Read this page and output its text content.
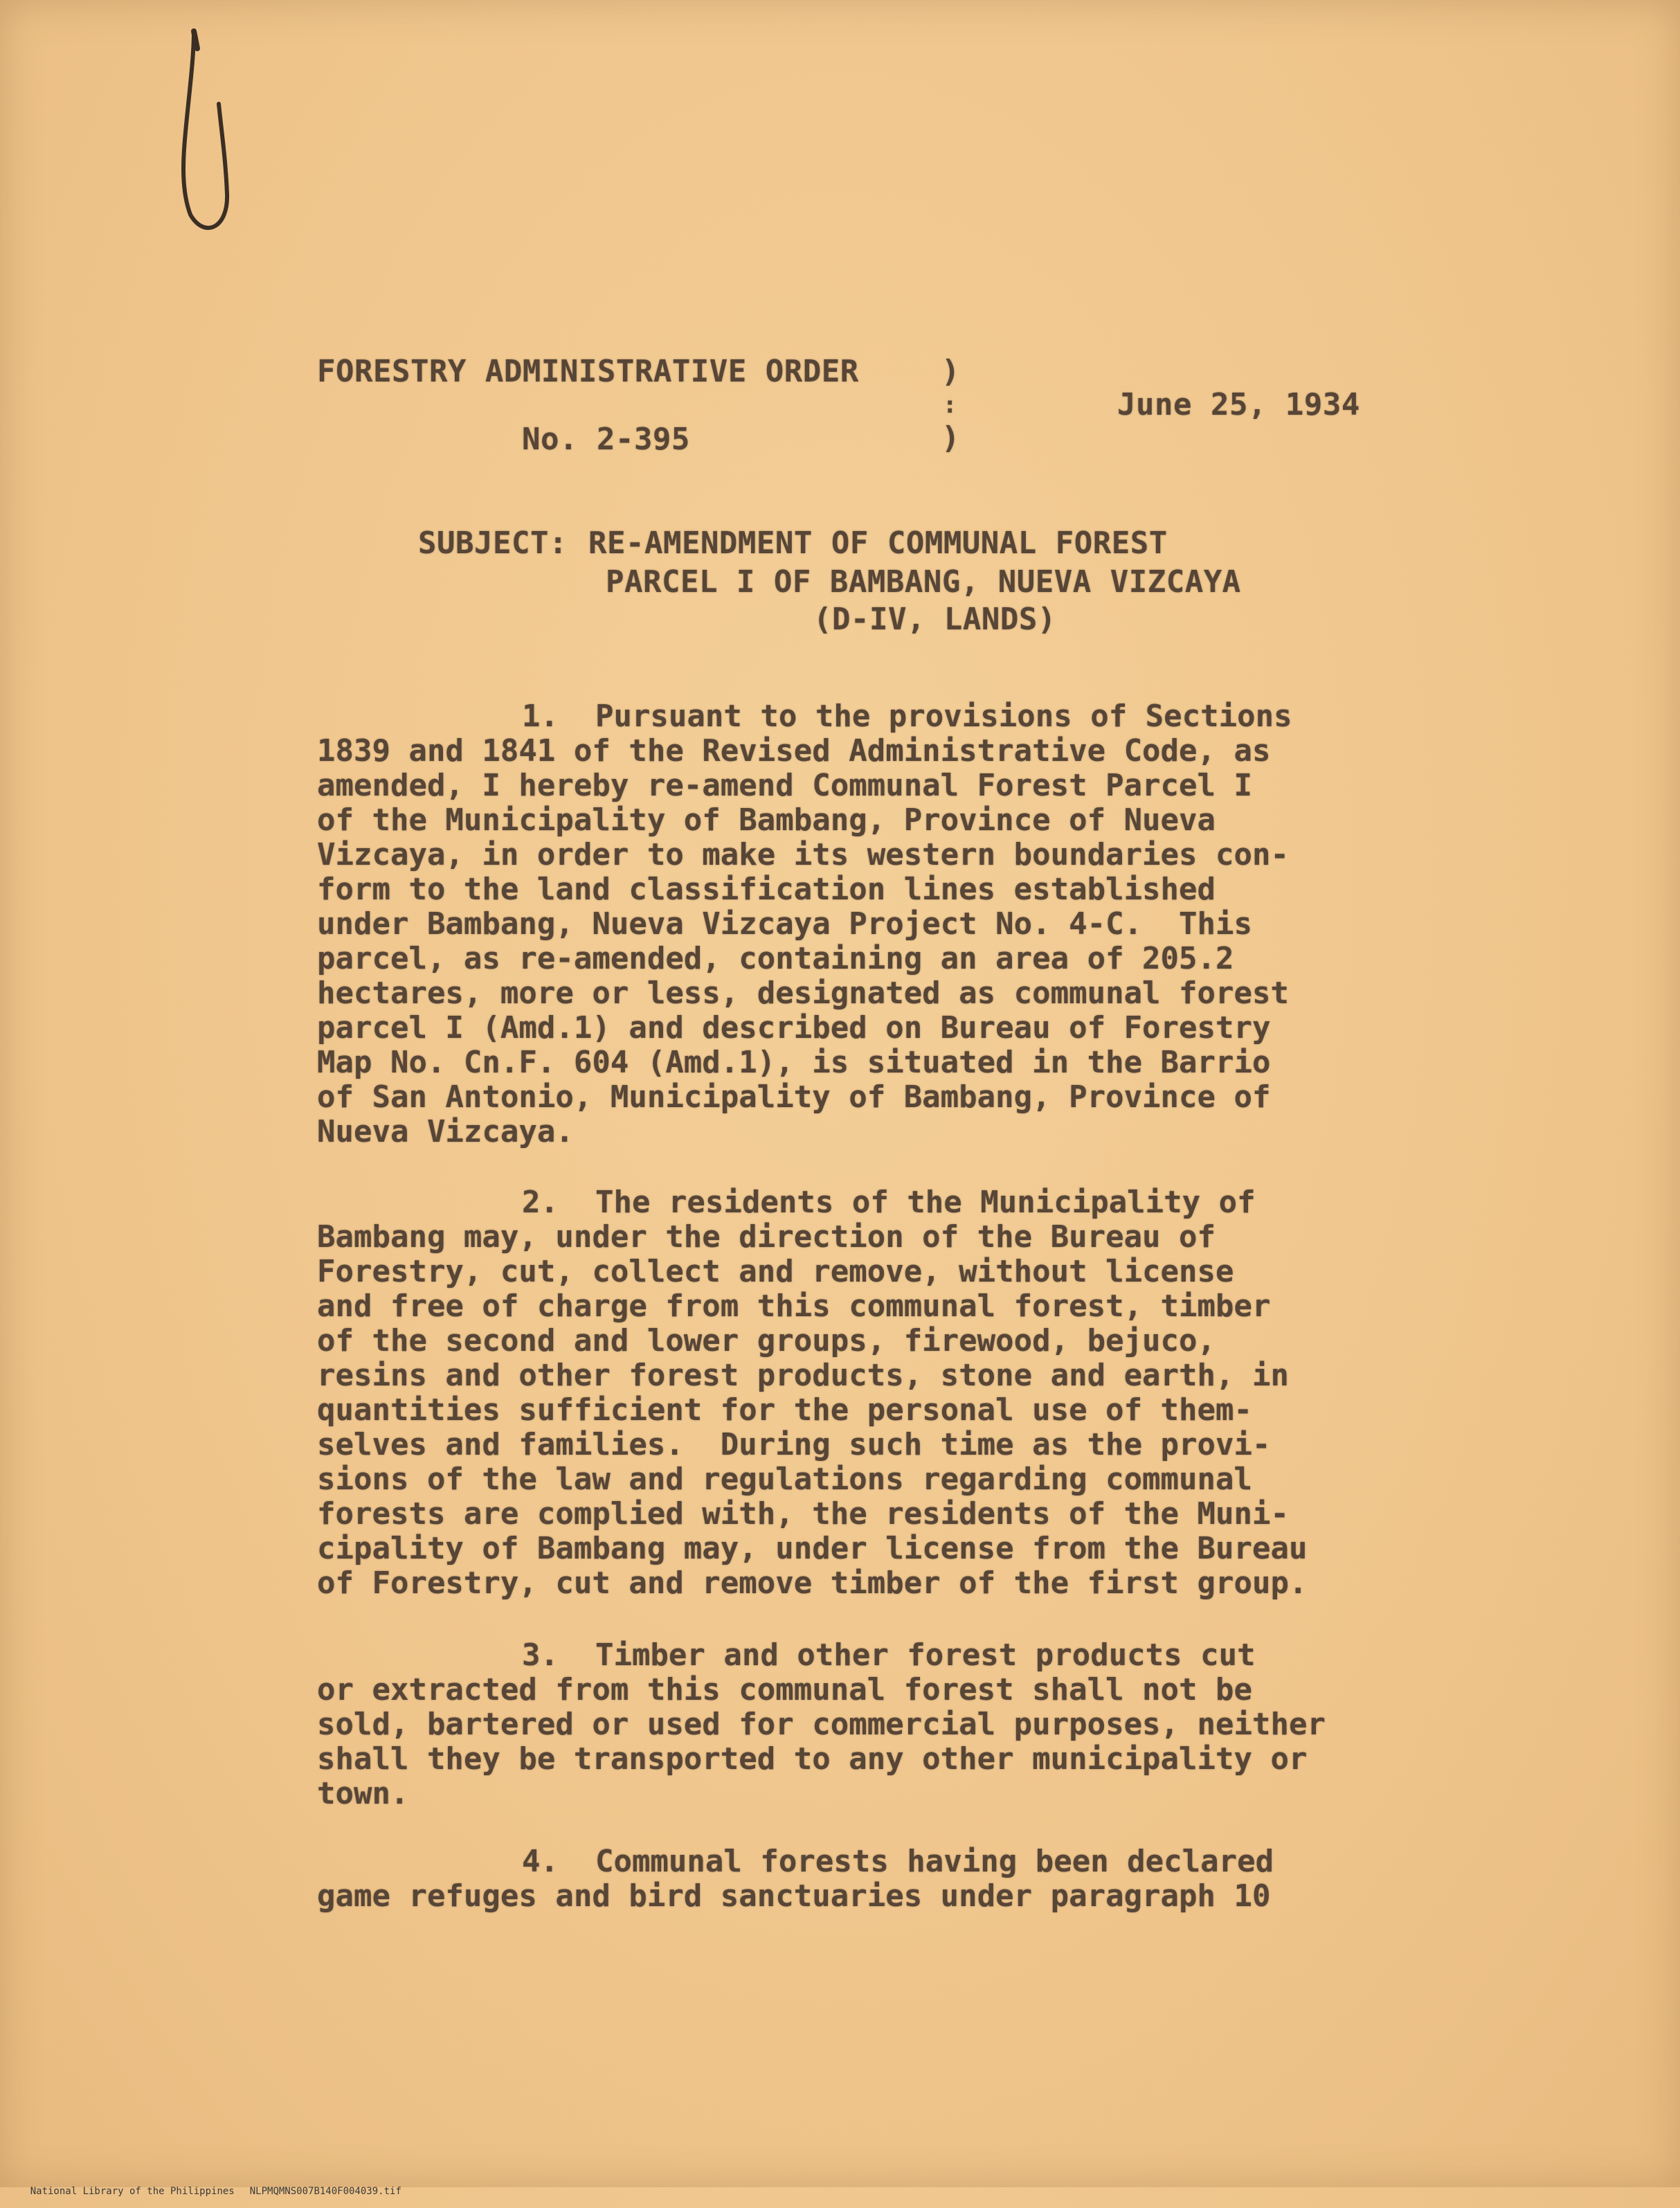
FORESTRY ADMINISTRATIVE ORDER	)
:
)
No. 2-395
June 25, 1934
SUBJECT: RE-AMENDMENT OF COMMUNAL FOREST
PARCEL I OF BAMBANG, NUEVA VIZCAYA
(D-IV, LANDS)
1.  Pursuant to the provisions of Sections
1839 and 1841 of the Revised Administrative Code, as
amended, I hereby re-amend Communal Forest Parcel I
of the Municipality of Bambang, Province of Nueva
Vizcaya, in order to make its western boundaries con-
form to the land classification lines established
under Bambang, Nueva Vizcaya Project No. 4-C.  This
parcel, as re-amended, containing an area of 205.2
hectares, more or less, designated as communal forest
parcel I (Amd.1) and described on Bureau of Forestry
Map No. Cn.F. 604 (Amd.1), is situated in the Barrio
of San Antonio, Municipality of Bambang, Province of
Nueva Vizcaya.
2.  The residents of the Municipality of
Bambang may, under the direction of the Bureau of
Forestry, cut, collect and remove, without license
and free of charge from this communal forest, timber
of the second and lower groups, firewood, bejuco,
resins and other forest products, stone and earth, in
quantities sufficient for the personal use of them-
selves and families.  During such time as the provi-
sions of the law and regulations regarding communal
forests are complied with, the residents of the Muni-
cipality of Bambang may, under license from the Bureau
of Forestry, cut and remove timber of the first group.
3.  Timber and other forest products cut
or extracted from this communal forest shall not be
sold, bartered or used for commercial purposes, neither
shall they be transported to any other municipality or
town.
4.  Communal forests having been declared
game refuges and bird sanctuaries under paragraph 10

National Library of the Philippines NLPMQMNS007B140F004039.tif
